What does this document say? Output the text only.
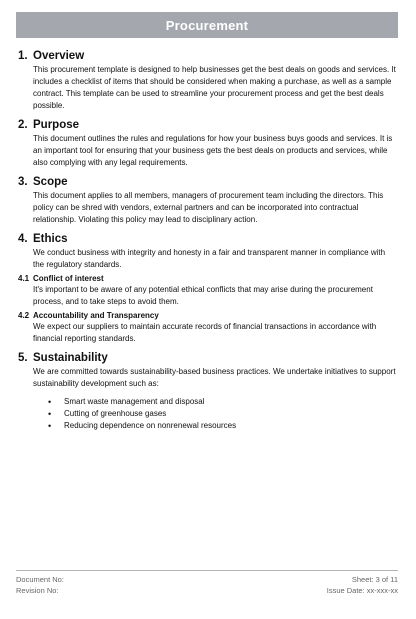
Procurement
1. Overview

This procurement template is designed to help businesses get the best deals on goods and services. It includes a checklist of items that should be considered when making a purchase, as well as a sample contract. This template can be used to streamline your procurement process and get the best deals possible.

2. Purpose

This document outlines the rules and regulations for how your business buys goods and services. It is an important tool for ensuring that your business gets the best deals on products and services, while also complying with any legal requirements.

3. Scope

This document applies to all members, managers of procurement team including the directors. This policy can be shred with vendors, external partners and can be incorporated into contractual relationship. Violating this policy may lead to disciplinary action.

4. Ethics

We conduct business with integrity and honesty in a fair and transparent manner in compliance with the regulatory standards.

4.1 Conflict of interest

It's important to be aware of any potential ethical conflicts that may arise during the procurement process, and to take steps to avoid them.

4.2 Accountability and Transparency

We expect our suppliers to maintain accurate records of financial transactions in accordance with financial reporting standards.

5. Sustainability

We are committed towards sustainability-based business practices. We undertake initiatives to support sustainability development such as:

• Smart waste management and disposal
• Cutting of greenhouse gases
• Reducing dependence on nonrenewal resources
Document No:	Sheet: 3 of 11
Revision No:	Issue Date: xx-xxx-xx
